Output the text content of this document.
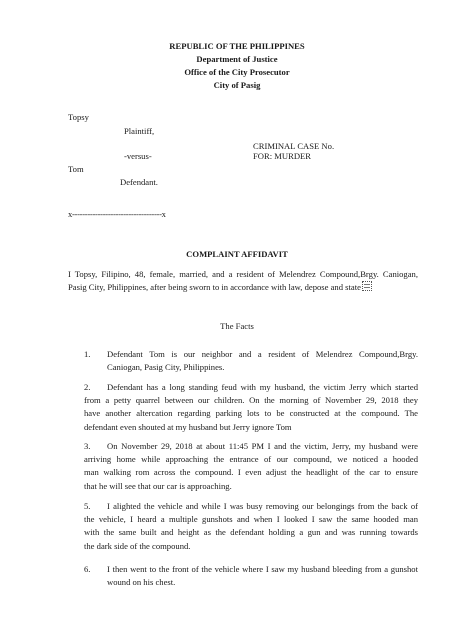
REPUBLIC OF THE PHILIPPINES
Department of Justice
Office of the City Prosecutor
City of Pasig
Topsy
Plaintiff,
CRIMINAL CASE No.
-versus-	FOR: MURDER
Tom
Defendant.
x-----------------------------------x
COMPLAINT AFFIDAVIT
I Topsy, Filipino, 48, female, married, and a resident of Melendrez Compound,Brgy. Caniogan,
Pasig City, Philippines, after being sworn to in accordance with law, depose and state
The Facts
1. Defendant Tom is our neighbor and a resident of Melendrez Compound,Brgy.
Caniogan, Pasig City, Philippines.
2. Defendant has a long standing feud with my husband, the victim Jerry which started
from a petty quarrel between our children. On the morning of November 29, 2018 they
have another altercation regarding parking lots to be constructed at the compound. The
defendant even shouted at my husband but Jerry ignore Tom
3. On November 29, 2018 at about 11:45 PM I and the victim, Jerry, my husband were
arriving home while approaching the entrance of our compound, we noticed a hooded
man walking rom across the compound. I even adjust the headlight of the car to ensure
that he will see that our car is approaching.
5. I alighted the vehicle and while I was busy removing our belongings from the back of
the vehicle, I heard a multiple gunshots and when I looked I saw the same hooded man
with the same built and height as the defendant holding a gun and was running towards
the dark side of the compound.
6. I then went to the front of the vehicle where I saw my husband bleeding from a gunshot
wound on his chest.
